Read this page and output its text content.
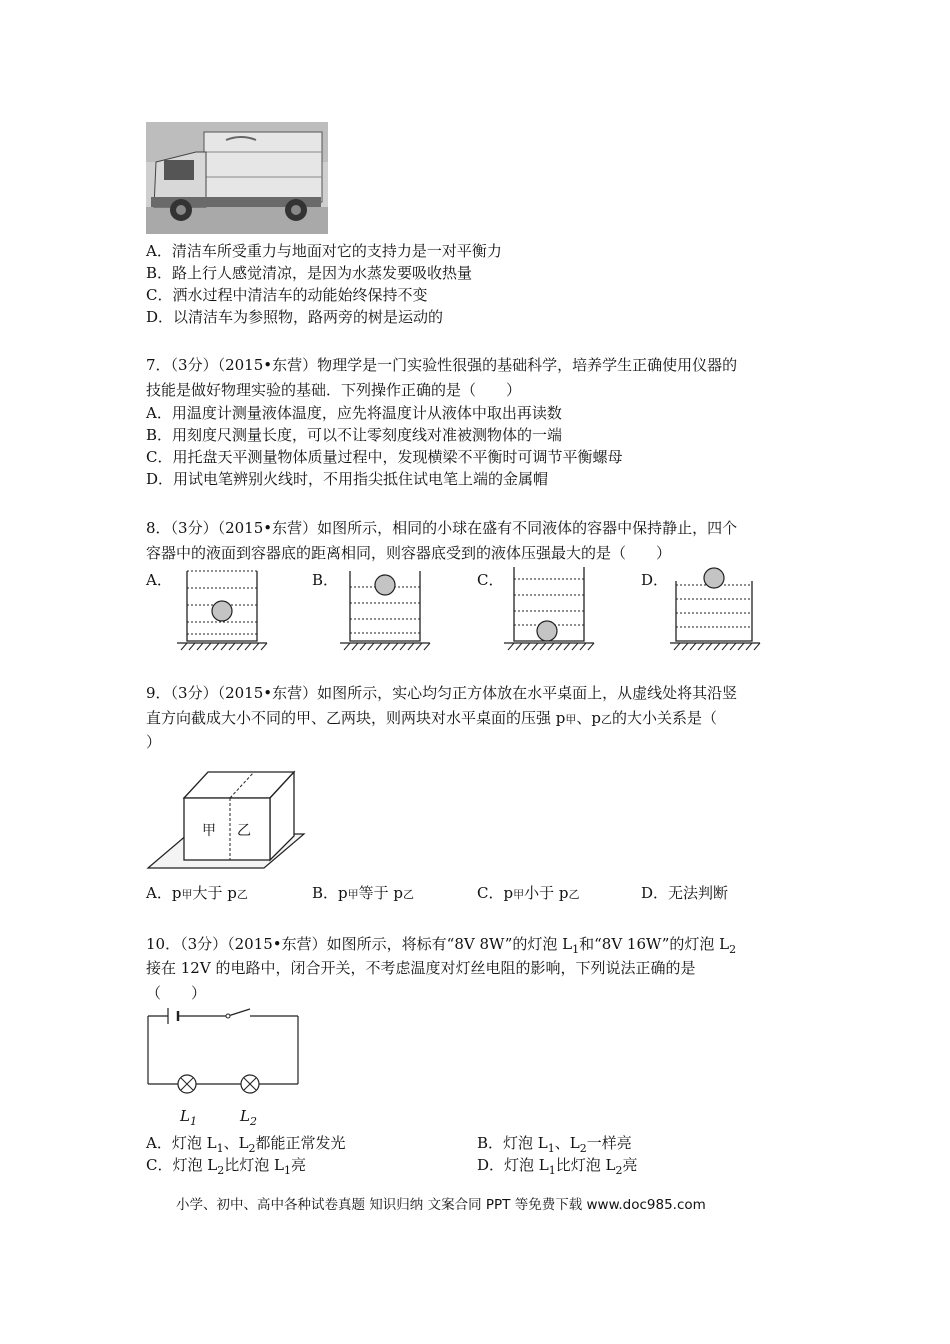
A．清洁车所受重力与地面对它的支持力是一对平衡力
B．路上行人感觉清凉，是因为水蒸发要吸收热量
C．洒水过程中清洁车的动能始终保持不变
D．以清洁车为参照物，路两旁的树是运动的
7．（3分）（2015•东营）物理学是一门实验性很强的基础科学，培养学生正确使用仪器的
技能是做好物理实验的基础．下列操作正确的是（　　）
A．用温度计测量液体温度，应先将温度计从液体中取出再读数
B．用刻度尺测量长度，可以不让零刻度线对准被测物体的一端
C．用托盘天平测量物体质量过程中，发现横梁不平衡时可调节平衡螺母
D．用试电笔辨别火线时，不用指尖抵住试电笔上端的金属帽
8．（3分）（2015•东营）如图所示，相同的小球在盛有不同液体的容器中保持静止，四个
容器中的液面到容器底的距离相同，则容器底受到的液体压强最大的是（　　）
A．	B．	C．	D．
9．（3分）（2015•东营）如图所示，实心均匀正方体放在水平桌面上，从虚线处将其沿竖
直方向截成大小不同的甲、乙两块，则两块对水平桌面的压强 p甲、p乙的大小关系是（
）
甲 乙
A．p甲大于 p乙	B．p甲等于 p乙	C．p甲小于 p乙	D．无法判断
10．（3分）（2015•东营）如图所示，将标有“8V 8W”的灯泡 $L_1$和“8V 16W”的灯泡 $L_2$
接在 12V 的电路中，闭合开关，不考虑温度对灯丝电阻的影响，下列说法正确的是
（　　）
$L_1$	$L_2$
A．灯泡 $L_1$、$L_2$都能正常发光	B．灯泡 $L_1$、$L_2$一样亮
C．灯泡 $L_2$比灯泡 $L_1$亮	D．灯泡 $L_1$比灯泡 $L_2$亮
小学、初中、高中各种试卷真题 知识归纳 文案合同 PPT 等免费下载 www.doc985.com
